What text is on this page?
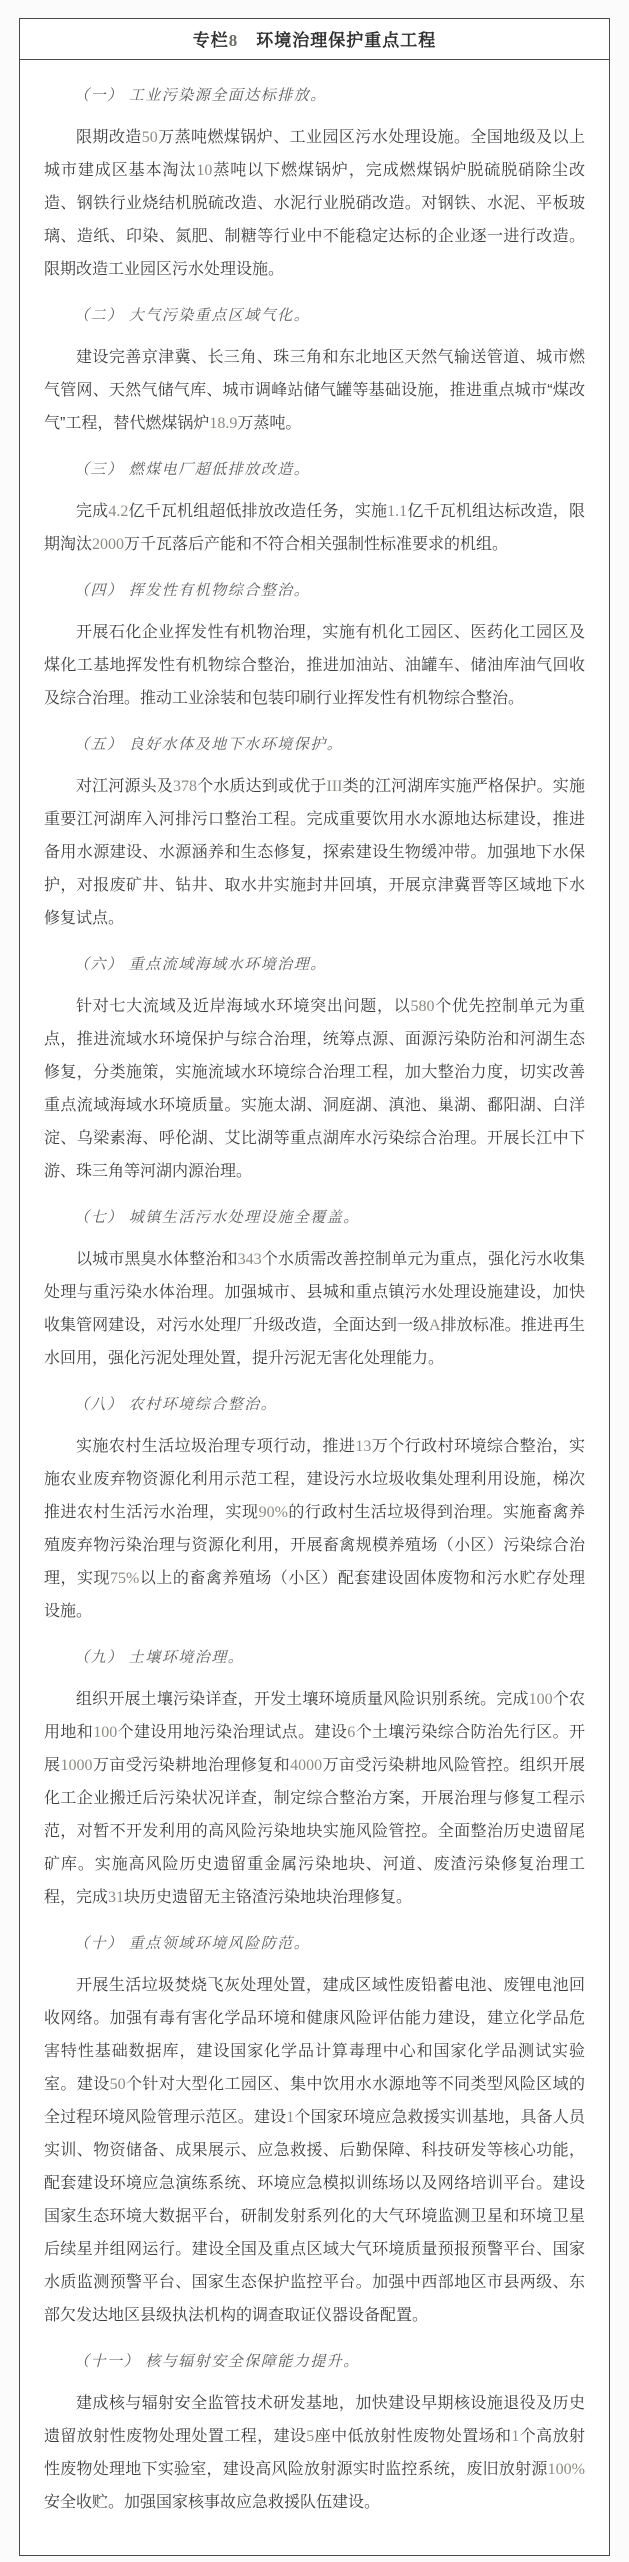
专栏8　环境治理保护重点工程

（一） 工业污染源全面达标排放。

限期改造50万蒸吨燃煤锅炉、工业园区污水处理设施。全国地级及以上城市建成区基本淘汰10蒸吨以下燃煤锅炉，完成燃煤锅炉脱硫脱硝除尘改造、钢铁行业烧结机脱硫改造、水泥行业脱硝改造。对钢铁、水泥、平板玻璃、造纸、印染、氮肥、制糖等行业中不能稳定达标的企业逐一进行改造。限期改造工业园区污水处理设施。

（二） 大气污染重点区域气化。

建设完善京津冀、长三角、珠三角和东北地区天然气输送管道、城市燃气管网、天然气储气库、城市调峰站储气罐等基础设施，推进重点城市“煤改气”工程，替代燃煤锅炉18.9万蒸吨。

（三） 燃煤电厂超低排放改造。

完成4.2亿千瓦机组超低排放改造任务，实施1.1亿千瓦机组达标改造，限期淘汰2000万千瓦落后产能和不符合相关强制性标准要求的机组。

（四） 挥发性有机物综合整治。

开展石化企业挥发性有机物治理，实施有机化工园区、医药化工园区及煤化工基地挥发性有机物综合整治，推进加油站、油罐车、储油库油气回收及综合治理。推动工业涂装和包装印刷行业挥发性有机物综合整治。

（五） 良好水体及地下水环境保护。

对江河源头及378个水质达到或优于III类的江河湖库实施严格保护。实施重要江河湖库入河排污口整治工程。完成重要饮用水水源地达标建设，推进备用水源建设、水源涵养和生态修复，探索建设生物缓冲带。加强地下水保护，对报废矿井、钻井、取水井实施封井回填，开展京津冀晋等区域地下水修复试点。

（六） 重点流域海域水环境治理。

针对七大流域及近岸海域水环境突出问题，以580个优先控制单元为重点，推进流域水环境保护与综合治理，统筹点源、面源污染防治和河湖生态修复，分类施策，实施流域水环境综合治理工程，加大整治力度，切实改善重点流域海域水环境质量。实施太湖、洞庭湖、滇池、巢湖、鄱阳湖、白洋淀、乌梁素海、呼伦湖、艾比湖等重点湖库水污染综合治理。开展长江中下游、珠三角等河湖内源治理。

（七） 城镇生活污水处理设施全覆盖。

以城市黑臭水体整治和343个水质需改善控制单元为重点，强化污水收集处理与重污染水体治理。加强城市、县城和重点镇污水处理设施建设，加快收集管网建设，对污水处理厂升级改造，全面达到一级A排放标准。推进再生水回用，强化污泥处理处置，提升污泥无害化处理能力。

（八） 农村环境综合整治。

实施农村生活垃圾治理专项行动，推进13万个行政村环境综合整治，实施农业废弃物资源化利用示范工程，建设污水垃圾收集处理利用设施，梯次推进农村生活污水治理，实现90%的行政村生活垃圾得到治理。实施畜禽养殖废弃物污染治理与资源化利用，开展畜禽规模养殖场（小区）污染综合治理，实现75%以上的畜禽养殖场（小区）配套建设固体废物和污水贮存处理设施。

（九） 土壤环境治理。

组织开展土壤污染详查，开发土壤环境质量风险识别系统。完成100个农用地和100个建设用地污染治理试点。建设6个土壤污染综合防治先行区。开展1000万亩受污染耕地治理修复和4000万亩受污染耕地风险管控。组织开展化工企业搬迁后污染状况详查，制定综合整治方案，开展治理与修复工程示范，对暂不开发利用的高风险污染地块实施风险管控。全面整治历史遗留尾矿库。实施高风险历史遗留重金属污染地块、河道、废渣污染修复治理工程，完成31块历史遗留无主铬渣污染地块治理修复。

（十） 重点领域环境风险防范。

开展生活垃圾焚烧飞灰处理处置，建成区域性废铅蓄电池、废锂电池回收网络。加强有毒有害化学品环境和健康风险评估能力建设，建立化学品危害特性基础数据库，建设国家化学品计算毒理中心和国家化学品测试实验室。建设50个针对大型化工园区、集中饮用水水源地等不同类型风险区域的全过程环境风险管理示范区。建设1个国家环境应急救援实训基地，具备人员实训、物资储备、成果展示、应急救援、后勤保障、科技研发等核心功能，配套建设环境应急演练系统、环境应急模拟训练场以及网络培训平台。建设国家生态环境大数据平台，研制发射系列化的大气环境监测卫星和环境卫星后续星并组网运行。建设全国及重点区域大气环境质量预报预警平台、国家水质监测预警平台、国家生态保护监控平台。加强中西部地区市县两级、东部欠发达地区县级执法机构的调查取证仪器设备配置。

（十一） 核与辐射安全保障能力提升。

建成核与辐射安全监管技术研发基地，加快建设早期核设施退役及历史遗留放射性废物处理处置工程，建设5座中低放射性废物处置场和1个高放射性废物处理地下实验室，建设高风险放射源实时监控系统，废旧放射源100%安全收贮。加强国家核事故应急救援队伍建设。
